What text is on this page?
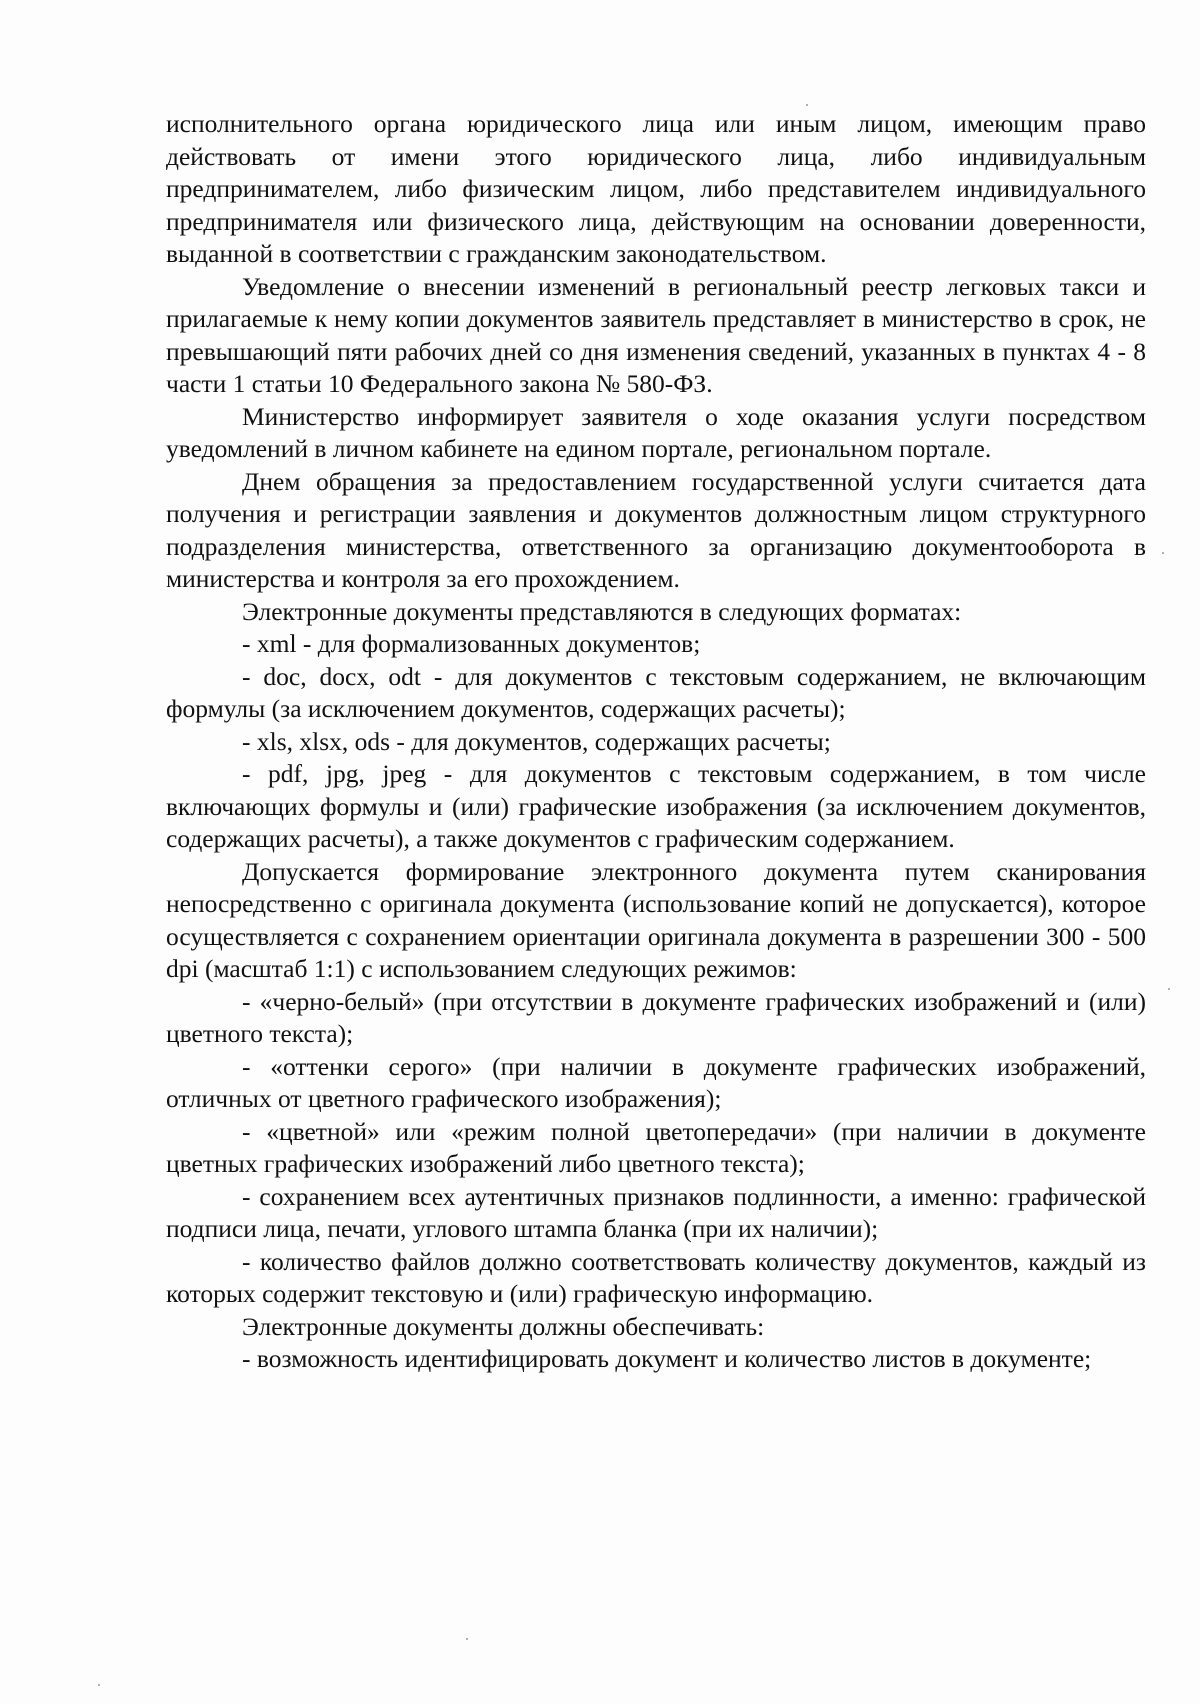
исполнительного органа юридического лица или иным лицом, имеющим право действовать от имени этого юридического лица, либо индивидуальным предпринимателем, либо физическим лицом, либо представителем индивидуального предпринимателя или физического лица, действующим на основании доверенности, выданной в соответствии с гражданским законодательством.

Уведомление о внесении изменений в региональный реестр легковых такси и прилагаемые к нему копии документов заявитель представляет в министерство в срок, не превышающий пяти рабочих дней со дня изменения сведений, указанных в пунктах 4 - 8 части 1 статьи 10 Федерального закона № 580-ФЗ.

Министерство информирует заявителя о ходе оказания услуги посредством уведомлений в личном кабинете на едином портале, региональном портале.

Днем обращения за предоставлением государственной услуги считается дата получения и регистрации заявления и документов должностным лицом структурного подразделения министерства, ответственного за организацию документооборота в министерства и контроля за его прохождением.

Электронные документы представляются в следующих форматах:

- xml - для формализованных документов;

- doc, docx, odt - для документов с текстовым содержанием, не включающим формулы (за исключением документов, содержащих расчеты);

- xls, xlsx, ods - для документов, содержащих расчеты;

- pdf, jpg, jpeg - для документов с текстовым содержанием, в том числе включающих формулы и (или) графические изображения (за исключением документов, содержащих расчеты), а также документов с графическим содержанием.

Допускается формирование электронного документа путем сканирования непосредственно с оригинала документа (использование копий не допускается), которое осуществляется с сохранением ориентации оригинала документа в разрешении 300 - 500 dpi (масштаб 1:1) с использованием следующих режимов:

- «черно-белый» (при отсутствии в документе графических изображений и (или) цветного текста);

- «оттенки серого» (при наличии в документе графических изображений, отличных от цветного графического изображения);

- «цветной» или «режим полной цветопередачи» (при наличии в документе цветных графических изображений либо цветного текста);

- сохранением всех аутентичных признаков подлинности, а именно: графической подписи лица, печати, углового штампа бланка (при их наличии);

- количество файлов должно соответствовать количеству документов, каждый из которых содержит текстовую и (или) графическую информацию.

Электронные документы должны обеспечивать:

- возможность идентифицировать документ и количество листов в документе;
